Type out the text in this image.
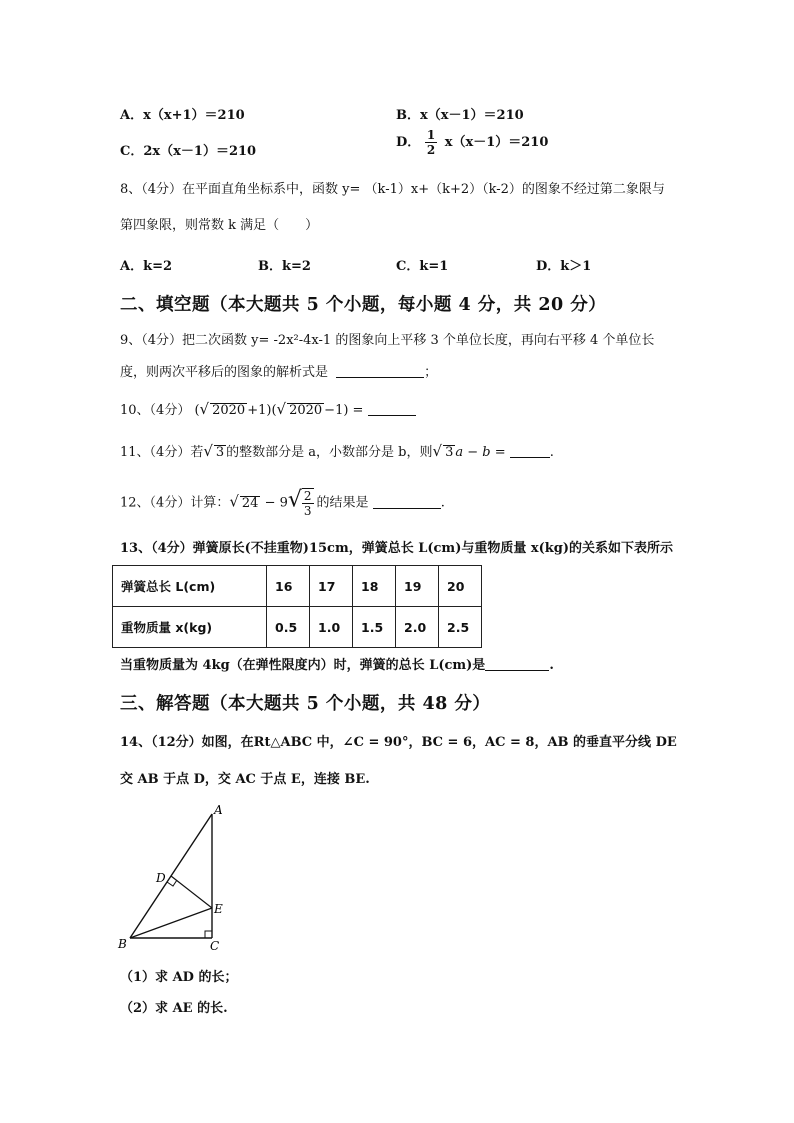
A．x（x+1）＝210	B．x（x－1）＝210
C．2x（x－1）＝210
D． $\frac{1}{2} x(x-1)=210$
8、（4分）在平面直角坐标系中，函数 y= （k-1）x+（k+2）（k-2）的图象不经过第二象限与
第四象限，则常数 k 满足（　　）
A．k=2	B．k=2	C．k=1	D．k＞1
二、填空题（本大题共 5 个小题，每小题 4 分，共 20 分）
9、（4分）把二次函数 y= -2x²-4x-1 的图象向上平移 3 个单位长度，再向右平移 4 个单位长
度，则两次平移后的图象的解析式是	；
10、（4分） (√ 2020 +1)(√ 2020 −1) =
11、（4分）若√ 3 的整数部分是 a，小数部分是 b，则√ 3 a − b =	.
12、（4分）计算：√ $24 - 9√ \frac{2}{3}$ 的结果是	.
13、（4分）弹簧原长(不挂重物)15cm，弹簧总长 L(cm)与重物质量 x(kg)的关系如下表所示
弹簧总长 L(cm)	16	17	18	19	20
重物质量 x(kg)	0.5	1.0	1.5	2.0	2.5
当重物质量为 4kg（在弹性限度内）时，弹簧的总长 L(cm)是	.
三、解答题（本大题共 5 个小题，共 48 分）
14、（12分）如图，在Rt△ABC 中，∠C = 90°，BC = 6，AC = 8，AB 的垂直平分线 DE
交 AB 于点 D，交 AC 于点 E，连接 BE.
A
B	C
D
E
（1）求 AD 的长；
（2）求 AE 的长.
